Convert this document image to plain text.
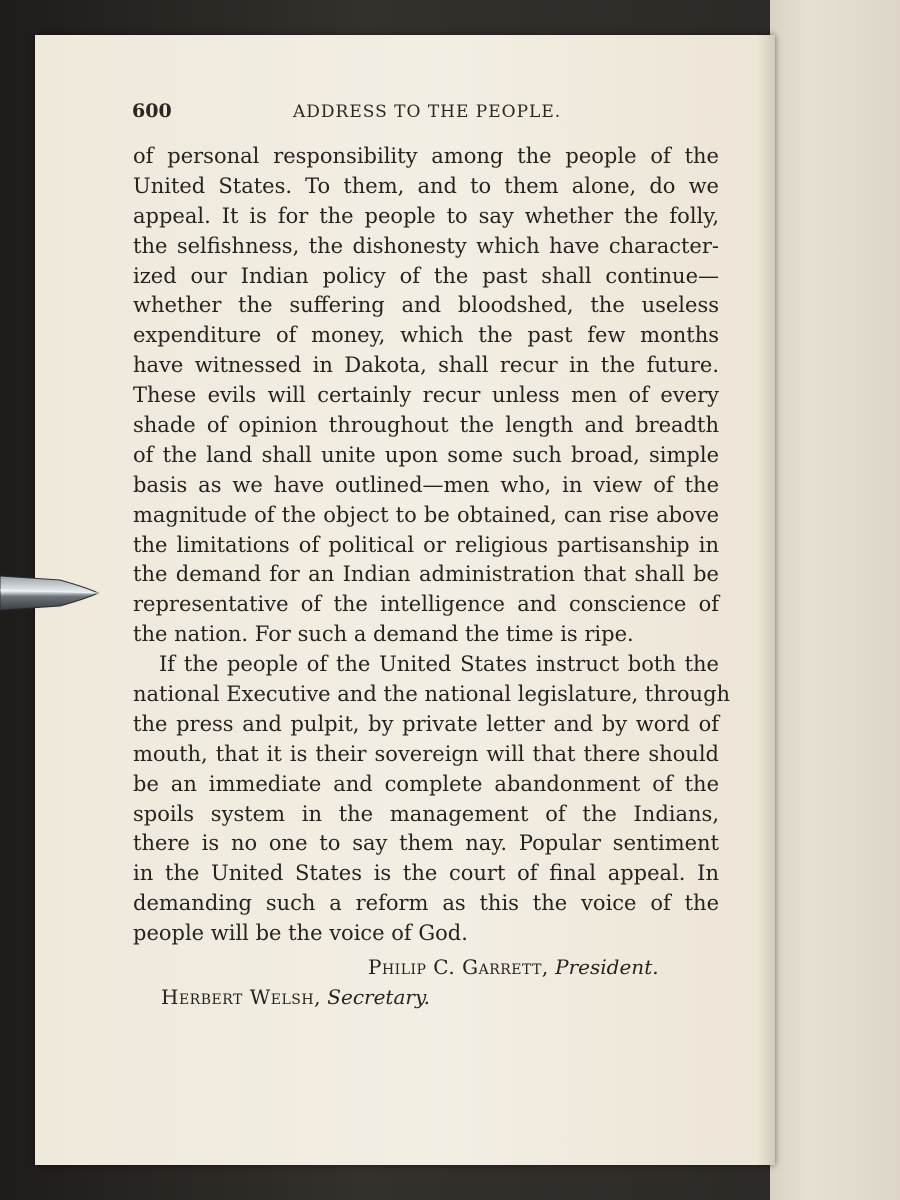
600	ADDRESS TO THE PEOPLE.
of personal responsibility among the people of the
United States. To them, and to them alone, do we
appeal. It is for the people to say whether the folly,
the selfishness, the dishonesty which have character-
ized our Indian policy of the past shall continue—
whether the suffering and bloodshed, the useless
expenditure of money, which the past few months
have witnessed in Dakota, shall recur in the future.
These evils will certainly recur unless men of every
shade of opinion throughout the length and breadth
of the land shall unite upon some such broad, simple
basis as we have outlined—men who, in view of the
magnitude of the object to be obtained, can rise above
the limitations of political or religious partisanship in
the demand for an Indian administration that shall be
representative of the intelligence and conscience of
the nation. For such a demand the time is ripe.
If the people of the United States instruct both the
national Executive and the national legislature, through
the press and pulpit, by private letter and by word of
mouth, that it is their sovereign will that there should
be an immediate and complete abandonment of the
spoils system in the management of the Indians,
there is no one to say them nay. Popular sentiment
in the United States is the court of final appeal. In
demanding such a reform as this the voice of the
people will be the voice of God.
Philip C. Garrett, President.
Herbert Welsh, Secretary.
